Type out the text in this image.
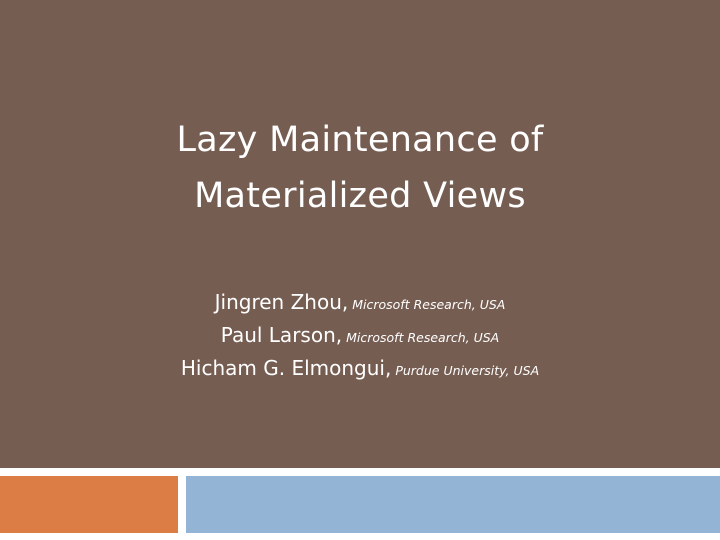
Lazy Maintenance of
Materialized Views
Jingren Zhou, Microsoft Research, USA
Paul Larson, Microsoft Research, USA
Hicham G. Elmongui, Purdue University, USA
